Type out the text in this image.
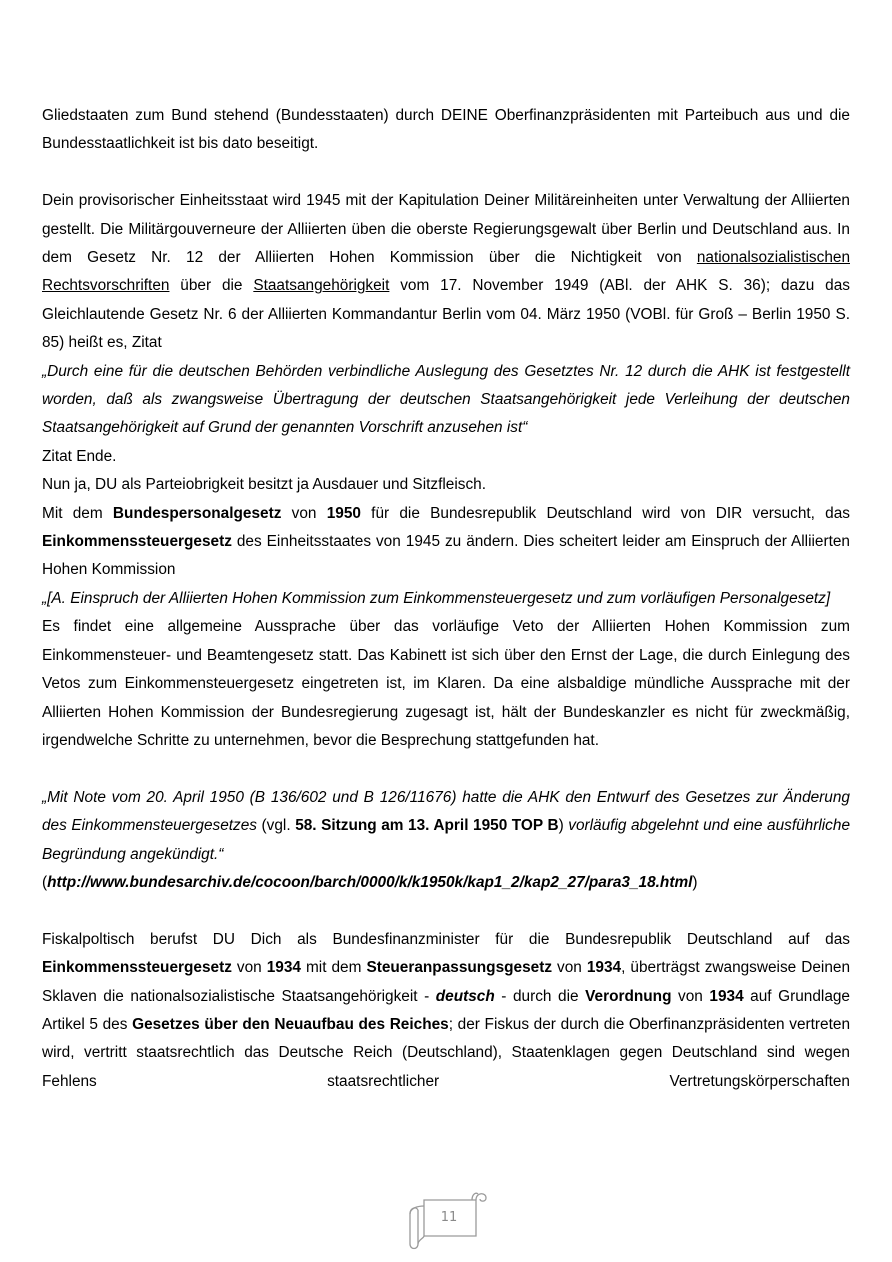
Gliedstaaten zum Bund stehend (Bundesstaaten) durch DEINE Oberfinanzpräsidenten mit Parteibuch aus und die Bundesstaatlichkeit ist bis dato beseitigt.

Dein provisorischer Einheitsstaat wird 1945 mit der Kapitulation Deiner Militäreinheiten unter Verwaltung der Alliierten gestellt. Die Militärgouverneure der Alliierten üben die oberste Regierungsgewalt über Berlin und Deutschland aus. In dem Gesetz Nr. 12 der Alliierten Hohen Kommission über die Nichtigkeit von nationalsozialistischen Rechtsvorschriften über die Staatsangehörigkeit vom 17. November 1949 (ABl. der AHK S. 36); dazu das Gleichlautende Gesetz Nr. 6 der Alliierten Kommandantur Berlin vom 04. März 1950 (VOBl. für Groß – Berlin 1950 S. 85) heißt es, Zitat

„Durch eine für die deutschen Behörden verbindliche Auslegung des Gesetztes Nr. 12 durch die AHK ist festgestellt worden, daß als zwangsweise Übertragung der deutschen Staatsangehörigkeit jede Verleihung der deutschen Staatsangehörigkeit auf Grund der genannten Vorschrift anzusehen ist“

Zitat Ende.

Nun ja, DU als Parteiobrigkeit besitzt ja Ausdauer und Sitzfleisch.

Mit dem Bundespersonalgesetz von 1950 für die Bundesrepublik Deutschland wird von DIR versucht, das Einkommenssteuergesetz des Einheitsstaates von 1945 zu ändern. Dies scheitert leider am Einspruch der Alliierten Hohen Kommission

„[A. Einspruch der Alliierten Hohen Kommission zum Einkommensteuergesetz und zum vorläufigen Personalgesetz]

Es findet eine allgemeine Aussprache über das vorläufige Veto der Alliierten Hohen Kommission zum Einkommensteuer- und Beamtengesetz statt. Das Kabinett ist sich über den Ernst der Lage, die durch Einlegung des Vetos zum Einkommensteuergesetz eingetreten ist, im Klaren. Da eine alsbaldige mündliche Aussprache mit der Alliierten Hohen Kommission der Bundesregierung zugesagt ist, hält der Bundeskanzler es nicht für zweckmäßig, irgendwelche Schritte zu unternehmen, bevor die Besprechung stattgefunden hat.

„Mit Note vom 20. April 1950 (B 136/602 und B 126/11676) hatte die AHK den Entwurf des Gesetzes zur Änderung des Einkommensteuergesetzes (vgl. 58. Sitzung am 13. April 1950 TOP B) vorläufig abgelehnt und eine ausführliche Begründung angekündigt.“

(http://www.bundesarchiv.de/cocoon/barch/0000/k/k1950k/kap1_2/kap2_27/para3_18.html)

Fiskalpoltisch berufst DU Dich als Bundesfinanzminister für die Bundesrepublik Deutschland auf das Einkommenssteuergesetz von 1934 mit dem Steueranpassungsgesetz von 1934, überträgst zwangsweise Deinen Sklaven die nationalsozialistische Staatsangehörigkeit - deutsch - durch die Verordnung von 1934 auf Grundlage Artikel 5 des Gesetzes über den Neuaufbau des Reiches; der Fiskus der durch die Oberfinanzpräsidenten vertreten wird, vertritt staatsrechtlich das Deutsche Reich (Deutschland), Staatenklagen gegen Deutschland sind wegen Fehlens staatsrechtlicher Vertretungskörperschaften

11
